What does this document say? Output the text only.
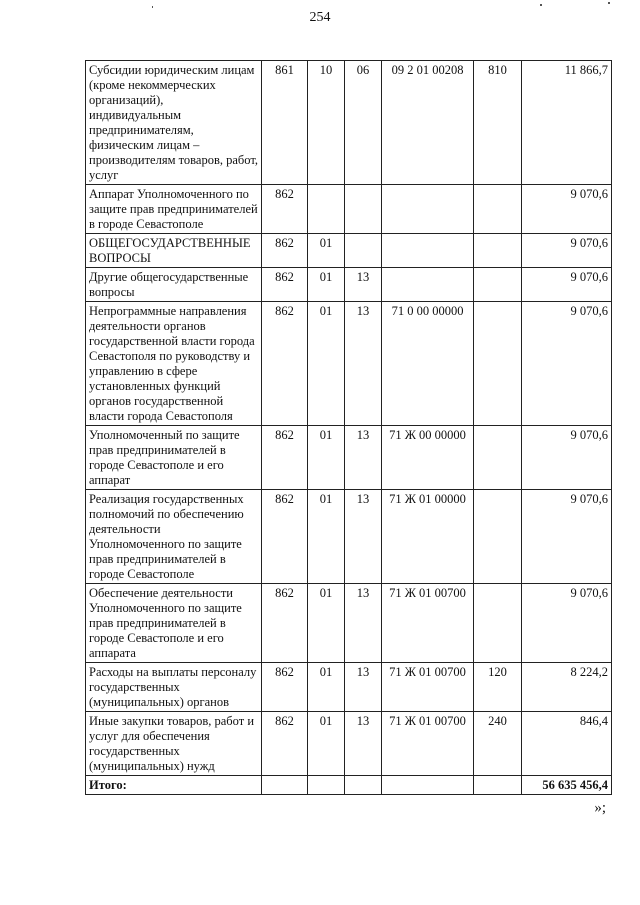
254
Субсидии юридическим лицам (кроме некоммерческих организаций), индивидуальным предпринимателям, физическим лицам – производителям товаров, работ, услуг	861	10	06	09 2 01 00208	810	11 866,7
Аппарат Уполномоченного по защите прав предпринимателей в городе Севастополе	862					9 070,6
ОБЩЕГОСУДАРСТВЕННЫЕ ВОПРОСЫ	862	01				9 070,6
Другие общегосударственные вопросы	862	01	13			9 070,6
Непрограммные направления деятельности органов государственной власти города Севастополя по руководству и управлению в сфере установленных функций органов государственной власти города Севастополя	862	01	13	71 0 00 00000		9 070,6
Уполномоченный по защите прав предпринимателей в городе Севастополе и его аппарат	862	01	13	71 Ж 00 00000		9 070,6
Реализация государственных полномочий по обеспечению деятельности Уполномоченного по защите прав предпринимателей в городе Севастополе	862	01	13	71 Ж 01 00000		9 070,6
Обеспечение деятельности Уполномоченного по защите прав предпринимателей в городе Севастополе и его аппарата	862	01	13	71 Ж 01 00700		9 070,6
Расходы на выплаты персоналу государственных (муниципальных) органов	862	01	13	71 Ж 01 00700	120	8 224,2
Иные закупки товаров, работ и услуг для обеспечения государственных (муниципальных) нужд	862	01	13	71 Ж 01 00700	240	846,4
Итого:						56 635 456,4
»;
